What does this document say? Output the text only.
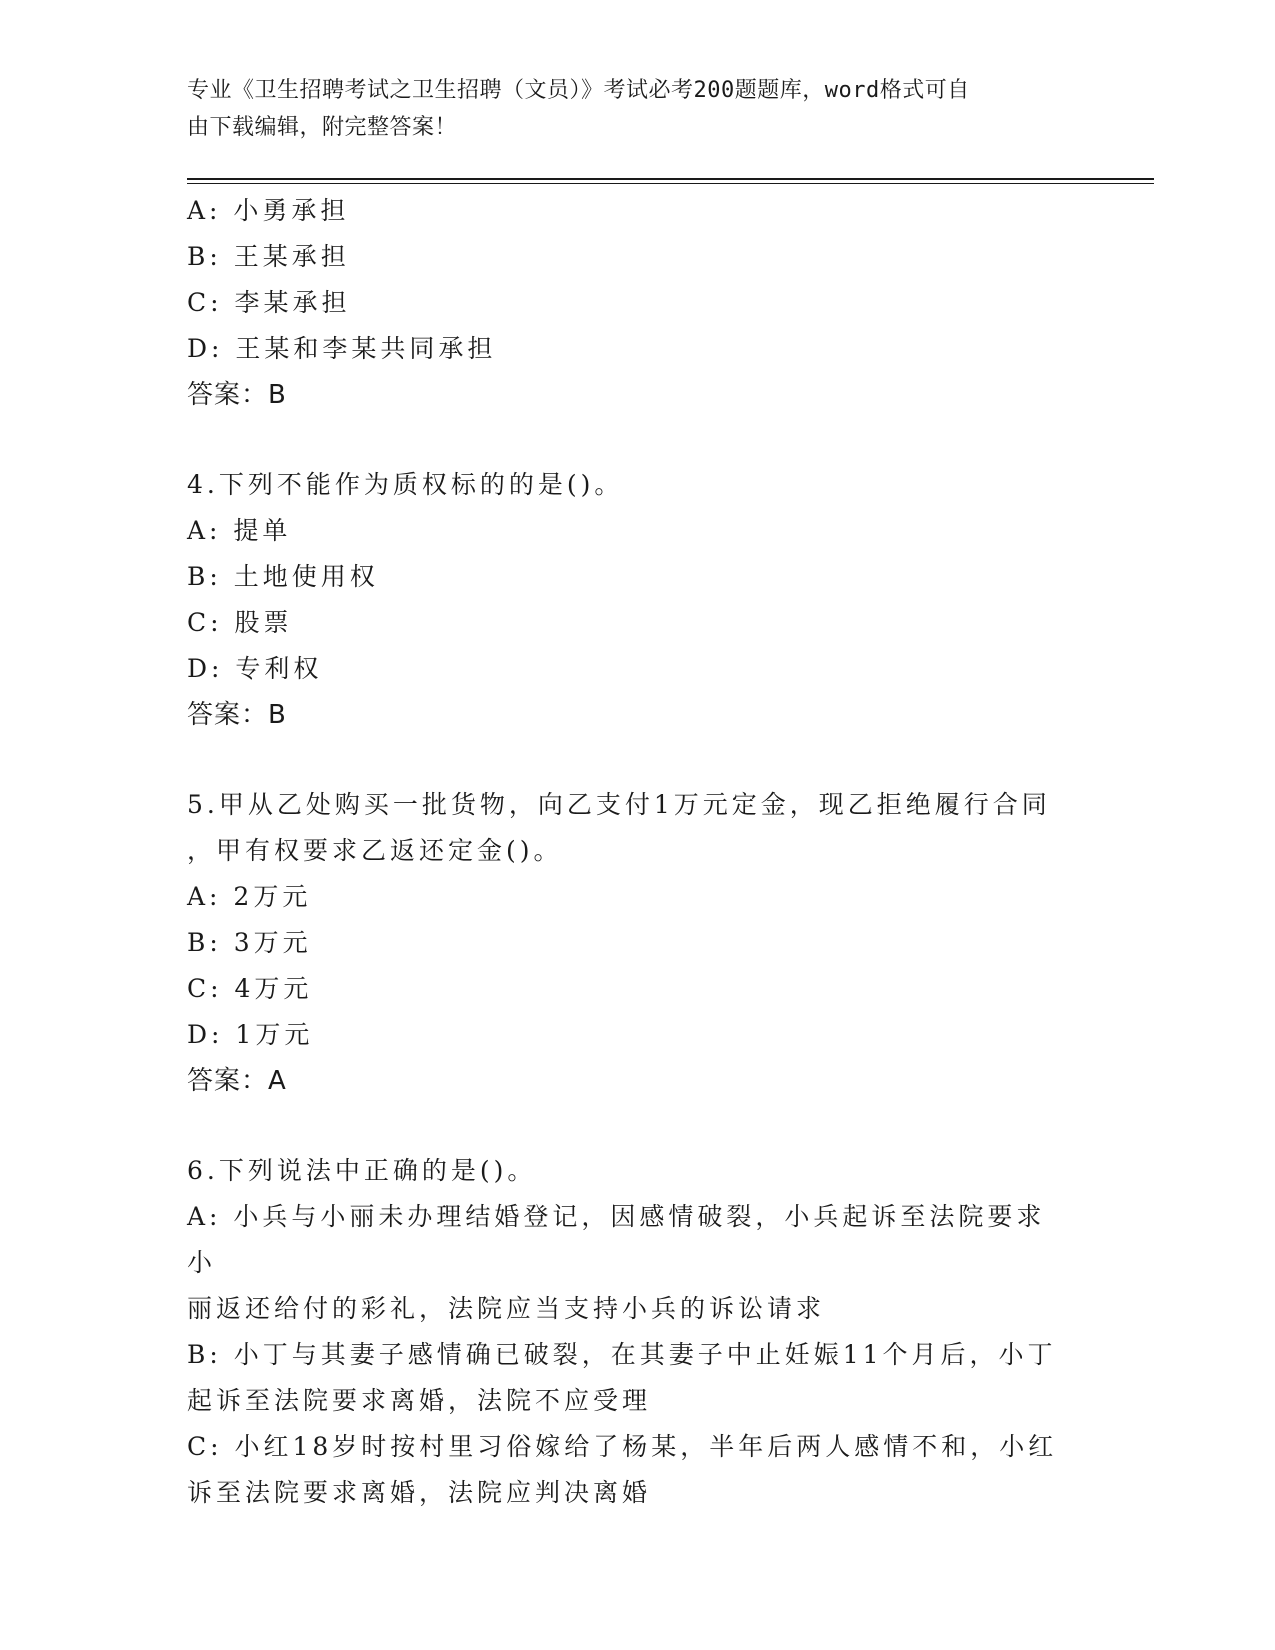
专业《卫生招聘考试之卫生招聘（文员）》考试必考200题题库，word格式可自
由下载编辑，附完整答案！

A: 小勇承担

B: 王某承担

C: 李某承担

D: 王某和李某共同承担

答案：B

4.下列不能作为质权标的的是()。

A: 提单

B: 土地使用权

C: 股票

D: 专利权

答案：B

5.甲从乙处购买一批货物，向乙支付1万元定金，现乙拒绝履行合同

，甲有权要求乙返还定金()。

A: 2万元

B: 3万元

C: 4万元

D: 1万元

答案：A

6.下列说法中正确的是()。

A: 小兵与小丽未办理结婚登记，因感情破裂，小兵起诉至法院要求小

丽返还给付的彩礼，法院应当支持小兵的诉讼请求

B: 小丁与其妻子感情确已破裂，在其妻子中止妊娠11个月后，小丁

起诉至法院要求离婚，法院不应受理

C: 小红18岁时按村里习俗嫁给了杨某，半年后两人感情不和，小红

诉至法院要求离婚，法院应判决离婚
